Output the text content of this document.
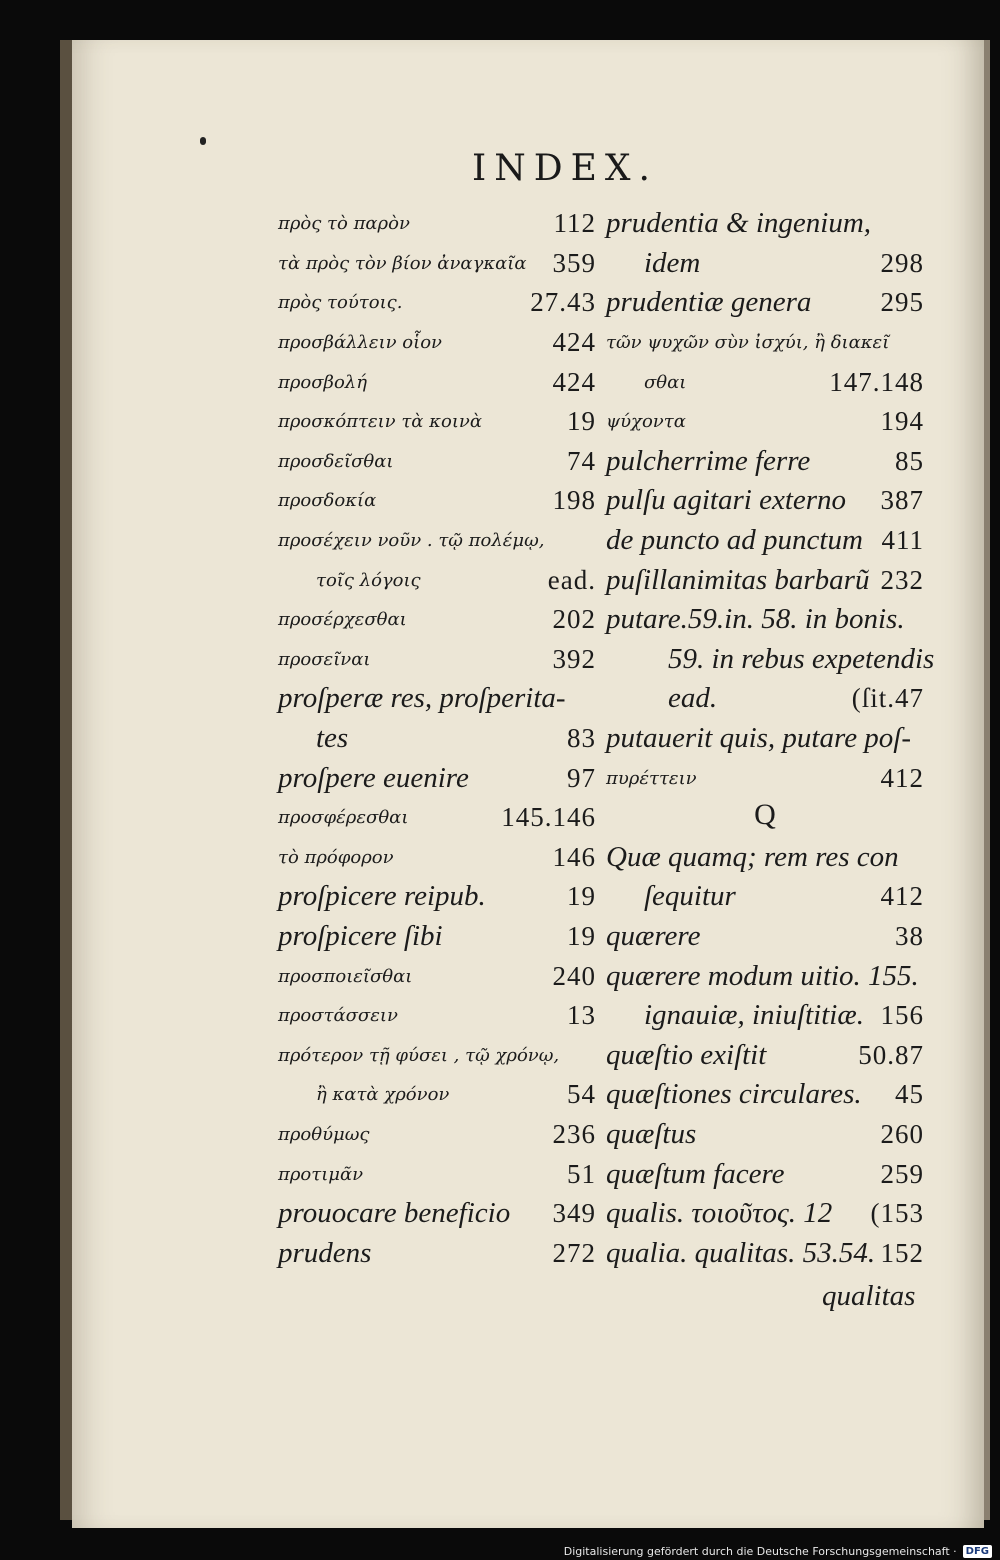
INDEX.
πρὸς τὸ παρὸν	112
τὰ πρὸς τὸν βίον ἀναγκαῖα 359
πρὸς τούτοις.	27.43
προσβάλλειν οἷον	424
προσβολή	424
προσκόπτειν τὰ κοινὰ	19
προσδεῖσθαι	74
προσδοκία	198
προσέχειν νοῦν . τῷ πολέμῳ,
τοῖς λόγοις	ead.
προσέρχεσθαι	202
προσεῖναι	392
proſperæ res, proſperita-
tes	83
proſpere euenire	97
προσφέρεσθαι	145.146
τὸ πρόφορον	146
proſpicere reipub.	19
proſpicere ſibi	19
προσποιεῖσθαι	240
προστάσσειν	13
πρότερον τῇ φύσει , τῷ χρόνῳ,
ἢ κατὰ χρόνον	54
προθύμως	236
προτιμᾶν	51
prouocare beneficio 349
prudens	272
prudentia & ingenium,
idem	298
prudentiæ genera	295
τῶν ψυχῶν σὺν ἰσχύι, ἢ διακεῖ
σθαι	147.148
ψύχοντα	194
pulcherrime ferre	85
pulſu agitari externo 387
de puncto ad punctum 411
puſillanimitas barbarũ 232
putare.59.in. 58. in bonis.
59. in rebus expetendis
ead.	(ſit.47
putauerit quis, putare poſ-
πυρέττειν	412
Q
Quæ quamq; rem res con
ſequitur	412
quærere	38
quærere modum uitio. 155.
ignauiæ, iniuſtitiæ. 156
quæſtio exiſtit	50.87
quæſtiones circulares. 45
quæſtus	260
quæſtum facere	259
qualis. τοιοῦτος. 12 (153
qualia. qualitas. 53.54. 152
qualitas
Digitalisierung gefördert durch die Deutsche Forschungsgemeinschaft · DFG
